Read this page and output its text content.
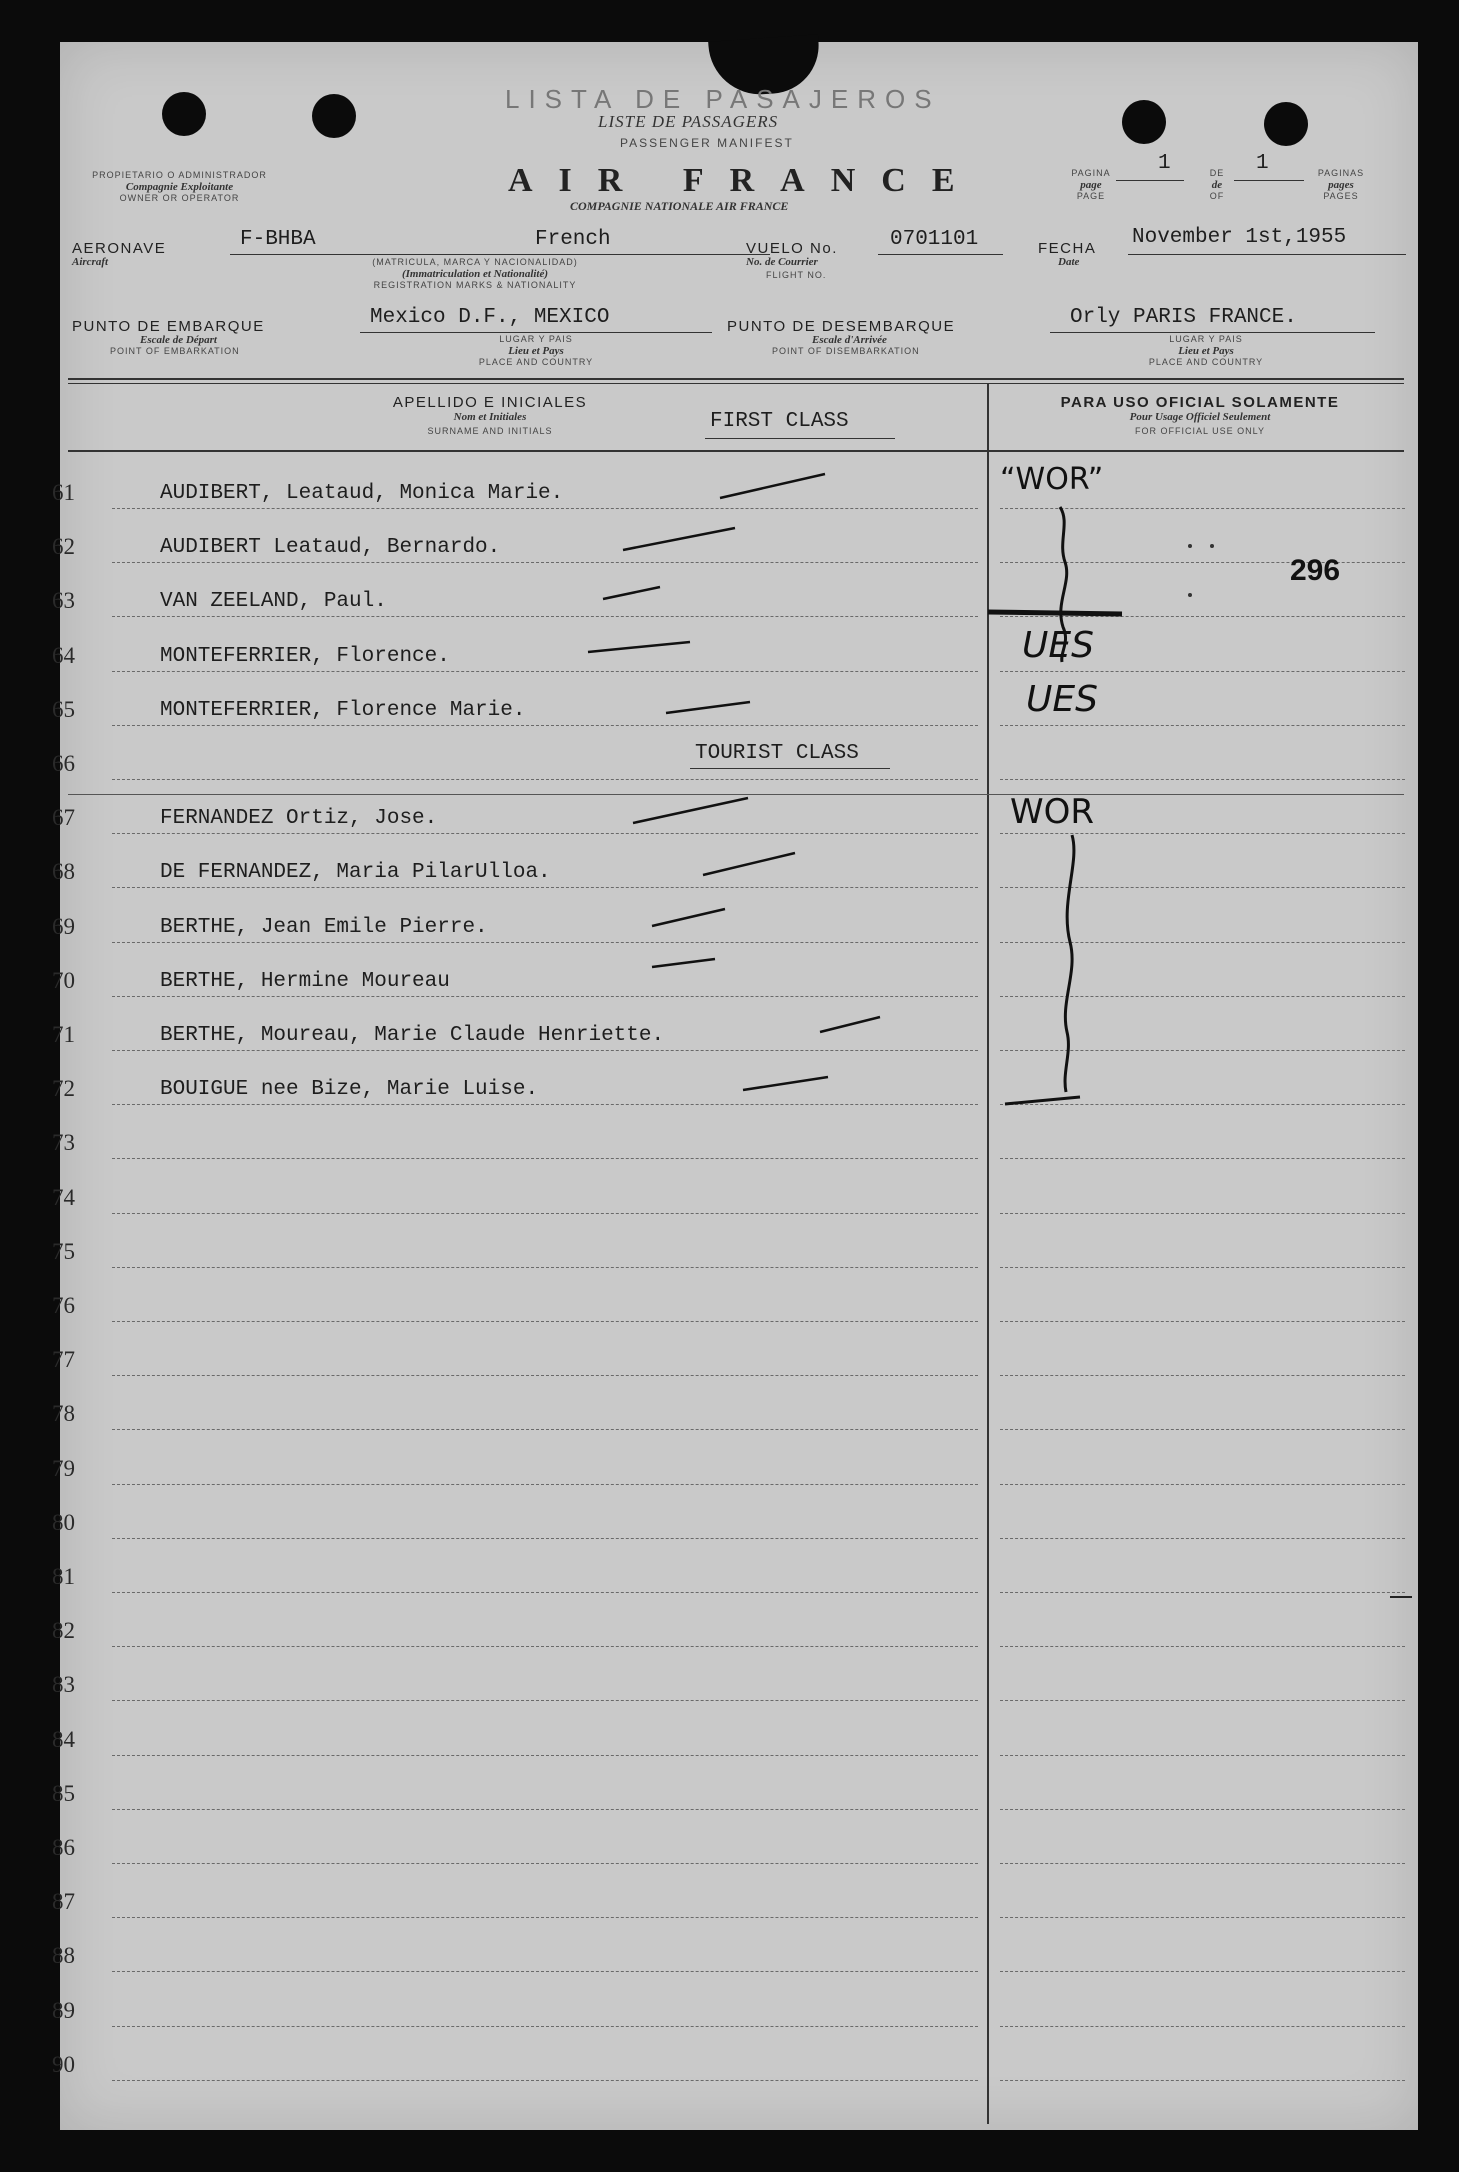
LISTA DE PASAJEROS
LISTE DE PASSAGERS
PASSENGER MANIFEST
AIR FRANCE
COMPAGNIE NATIONALE AIR FRANCE
PROPIETARIO O ADMINISTRADOR
Compagnie Exploitante
OWNER OR OPERATOR
PAGINA
page
PAGE
1	DE
de
OF
1	PAGINAS
pages
PAGES
AERONAVE
Aircraft
F-BHBA	French
(MATRICULA, MARCA Y NACIONALIDAD)
(Immatriculation et Nationalité)
REGISTRATION MARKS & NATIONALITY
VUELO No.
No. de Courrier
FLIGHT NO.
0701101	FECHA
Date
November 1st,1955
PUNTO DE EMBARQUE
Escale de Départ
POINT OF EMBARKATION
Mexico D.F., MEXICO
LUGAR Y PAIS
Lieu et Pays
PLACE AND COUNTRY
PUNTO DE DESEMBARQUE
Escale d'Arrivée
POINT OF DISEMBARKATION
Orly PARIS FRANCE.
LUGAR Y PAIS
Lieu et Pays
PLACE AND COUNTRY
APELLIDO E INICIALES
Nom et Initiales
SURNAME AND INITIALS	FIRST CLASS
PARA USO OFICIAL SOLAMENTE
Pour Usage Officiel Seulement
FOR OFFICIAL USE ONLY
61	AUDIBERT, Leataud, Monica Marie.
62	AUDIBERT Leataud, Bernardo.
63	VAN ZEELAND, Paul.
64	MONTEFERRIER, Florence.
65	MONTEFERRIER, Florence Marie.
66
67	FERNANDEZ Ortiz, Jose.
68	DE FERNANDEZ, Maria PilarUlloa.
69	BERTHE, Jean Emile Pierre.
70	BERTHE, Hermine Moureau
71	BERTHE, Moureau, Marie Claude Henriette.
72	BOUIGUE nee Bize, Marie Luise.
73
74
75
76
77
78
79
80
81
82
83
84
85
86
87
88
89
90
TOURIST CLASS
“WOR”
296
UES
UES
WOR
